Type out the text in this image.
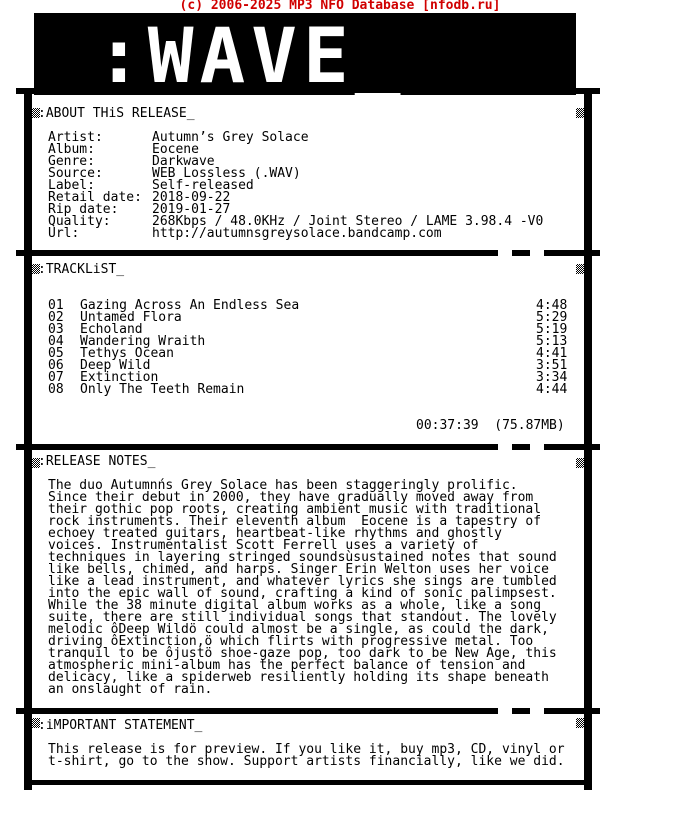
(c) 2006-2025 MP3 NFO Database [nfodb.ru]
:WAVE_
:ABOUT THiS RELEASE_
:TRACKLiST_
:RELEASE NOTES_
:iMPORTANT STATEMENT_
00:37:39  (75.87MB)
The duo Autumnńs Grey Solace has been staggeringly prolific.
Since their debut in 2000, they have gradually moved away from
their gothic pop roots, creating ambient music with traditional
rock instruments. Their eleventh album  Eocene is a tapestry of
echoey treated guitars, heartbeat-like rhythms and ghostly
voices. Instrumentalist Scott Ferrell uses a variety of
techniques in layering stringed soundsùsustained notes that sound
like bells, chimed, and harps. Singer Erin Welton uses her voice
like a lead instrument, and whatever lyrics she sings are tumbled
into the epic wall of sound, crafting a kind of sonic palimpsest.
While the 38 minute digital album works as a whole, like a song
suite, there are still individual songs that standout. The lovely
melodic ôDeep Wildö could almost be a single, as could the dark,
driving ôExtinction,ö which flirts with progressive metal. Too
tranquil to be ôjustö shoe-gaze pop, too dark to be New Age, this
atmospheric mini-album has the perfect balance of tension and
delicacy, like a spiderweb resiliently holding its shape beneath
an onslaught of rain.
This release is for preview. If you like it, buy mp3, CD, vinyl or
t-shirt, go to the show. Support artists financially, like we did.
Artist:	Autumn’s Grey Solace
Album:	Eocene
Genre:	Darkwave
Source:	WEB Lossless (.WAV)
Label:	Self-released
Retail date: 2018-09-22
Rip date:	2019-01-27
Quality:	268Kbps / 48.0KHz / Joint Stereo / LAME 3.98.4 -V0
Url:	http://autumnsgreysolace.bandcamp.com
01 Gazing Across An Endless Sea	4:48
02 Untamed Flora	5:29
03 Echoland	5:19
04 Wandering Wraith	5:13
05 Tethys Ocean	4:41
06 Deep Wild	3:51
07 Extinction	3:34
08 Only The Teeth Remain	4:44
